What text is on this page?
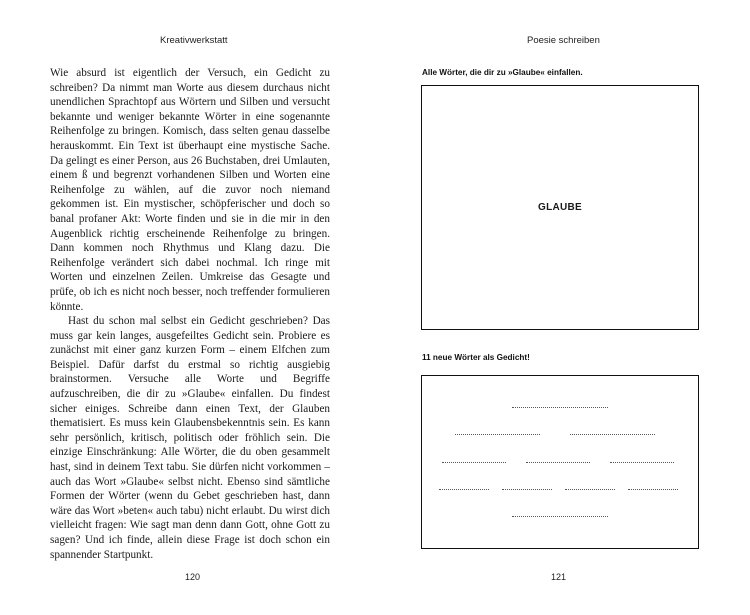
Kreativwerkstatt

Wie absurd ist eigentlich der Versuch, ein Gedicht zu schreiben? Da nimmt man Worte aus diesem durchaus nicht unendlichen Sprachtopf aus Wörtern und Silben und versucht bekannte und weniger bekannte Wörter in eine sogenannte Reihenfolge zu bringen. Komisch, dass selten genau dasselbe herauskommt. Ein Text ist überhaupt eine mystische Sache. Da gelingt es einer Person, aus 26 Buchstaben, drei Umlauten, einem ß und begrenzt vorhandenen Silben und Worten eine Reihenfolge zu wählen, auf die zuvor noch niemand gekommen ist. Ein mystischer, schöpferischer und doch so banal profaner Akt: Worte finden und sie in die mir in den Augenblick richtig erscheinende Reihenfolge zu bringen. Dann kommen noch Rhythmus und Klang dazu. Die Reihenfolge verändert sich dabei nochmal. Ich ringe mit Worten und einzelnen Zeilen. Umkreise das Gesagte und prüfe, ob ich es nicht noch besser, noch treffender formulieren könnte.

Hast du schon mal selbst ein Gedicht geschrieben? Das muss gar kein langes, ausgefeiltes Gedicht sein. Probiere es zunächst mit einer ganz kurzen Form – einem Elfchen zum Beispiel. Dafür darfst du erstmal so richtig ausgiebig brainstormen. Versuche alle Worte und Begriffe aufzuschreiben, die dir zu »Glaube« einfallen. Du findest sicher einiges. Schreibe dann einen Text, der Glauben thematisiert. Es muss kein Glaubensbekenntnis sein. Es kann sehr persönlich, kritisch, politisch oder fröhlich sein. Die einzige Einschränkung: Alle Wörter, die du oben gesammelt hast, sind in deinem Text tabu. Sie dürfen nicht vorkommen – auch das Wort »Glaube« selbst nicht. Ebenso sind sämtliche Formen der Wörter (wenn du Gebet geschrieben hast, dann wäre das Wort »beten« auch tabu) nicht erlaubt. Du wirst dich vielleicht fragen: Wie sagt man denn dann Gott, ohne Gott zu sagen? Und ich finde, allein diese Frage ist doch schon ein spannender Startpunkt.

120
Poesie schreiben
Alle Wörter, die dir zu »Glaube« einfallen.
GLAUBE
11 neue Wörter als Gedicht!
121
